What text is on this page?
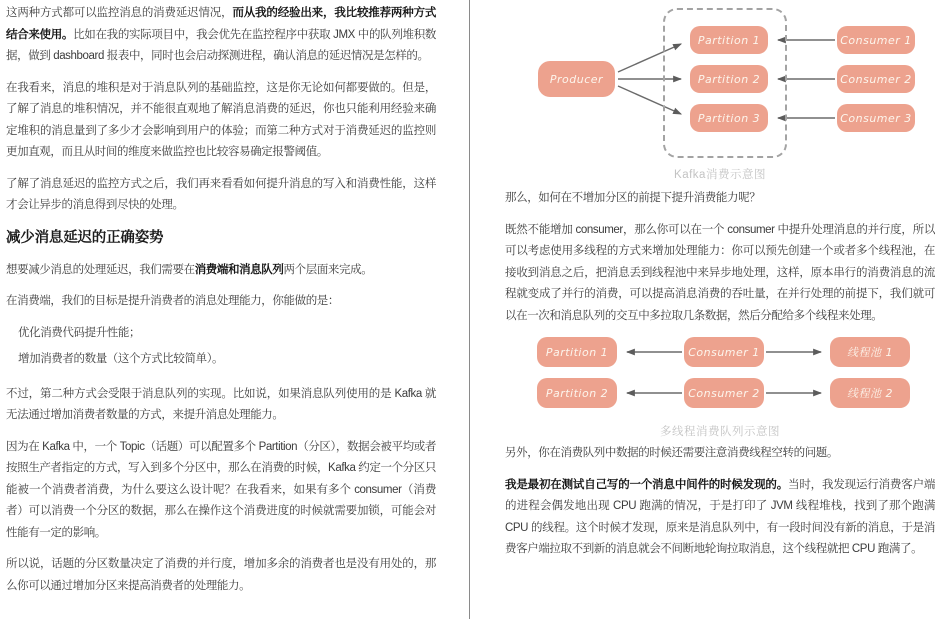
这两种方式都可以监控消息的消费延迟情况，而从我的经验出来，我比较推荐两种方式结合来使用。比如在我的实际项目中，我会优先在监控程序中获取 JMX 中的队列堆积数据，做到 dashboard 报表中，同时也会启动探测进程，确认消息的延迟情况是怎样的。

在我看来，消息的堆积是对于消息队列的基础监控，这是你无论如何都要做的。但是，了解了消息的堆积情况，并不能很直观地了解消息消费的延迟，你也只能利用经验来确定堆积的消息量到了多少才会影响到用户的体验；而第二种方式对于消费延迟的监控则更加直观，而且从时间的维度来做监控也比较容易确定报警阈值。

了解了消息延迟的监控方式之后，我们再来看看如何提升消息的写入和消费性能，这样才会让异步的消息得到尽快的处理。

减少消息延迟的正确姿势

想要减少消息的处理延迟，我们需要在消费端和消息队列两个层面来完成。

在消费端，我们的目标是提升消费者的消息处理能力，你能做的是：

优化消费代码提升性能；
增加消费者的数量（这个方式比较简单）。

不过，第二种方式会受限于消息队列的实现。比如说，如果消息队列使用的是 Kafka 就无法通过增加消费者数量的方式，来提升消息处理能力。

因为在 Kafka 中，一个 Topic（话题）可以配置多个 Partition（分区），数据会被平均或者按照生产者指定的方式，写入到多个分区中，那么在消费的时候，Kafka 约定一个分区只能被一个消费者消费，为什么要这么设计呢？在我看来，如果有多个 consumer（消费者）可以消费一个分区的数据，那么在操作这个消费进度的时候就需要加锁，可能会对性能有一定的影响。

所以说，话题的分区数量决定了消费的并行度，增加多余的消费者也是没有用处的，那么你可以通过增加分区来提高消费者的处理能力。

Producer
Partition 1
Partition 2
Partition 3
Consumer 1
Consumer 2
Consumer 3
Kafka消费示意图

那么，如何在不增加分区的前提下提升消费能力呢？

既然不能增加 consumer，那么你可以在一个 consumer 中提升处理消息的并行度，所以可以考虑使用多线程的方式来增加处理能力：你可以预先创建一个或者多个线程池，在接收到消息之后，把消息丢到线程池中来异步地处理，这样，原本串行的消费消息的流程就变成了并行的消费，可以提高消息消费的吞吐量，在并行处理的前提下，我们就可以在一次和消息队列的交互中多拉取几条数据，然后分配给多个线程来处理。

Partition 1	Consumer 1	线程池 1
Partition 2	Consumer 2	线程池 2
多线程消费队列示意图

另外，你在消费队列中数据的时候还需要注意消费线程空转的问题。

我是最初在测试自己写的一个消息中间件的时候发现的。当时，我发现运行消费客户端的进程会偶发地出现 CPU 跑满的情况，于是打印了 JVM 线程堆栈，找到了那个跑满 CPU 的线程。这个时候才发现，原来是消息队列中，有一段时间没有新的消息，于是消费客户端拉取不到新的消息就会不间断地轮询拉取消息，这个线程就把 CPU 跑满了。
